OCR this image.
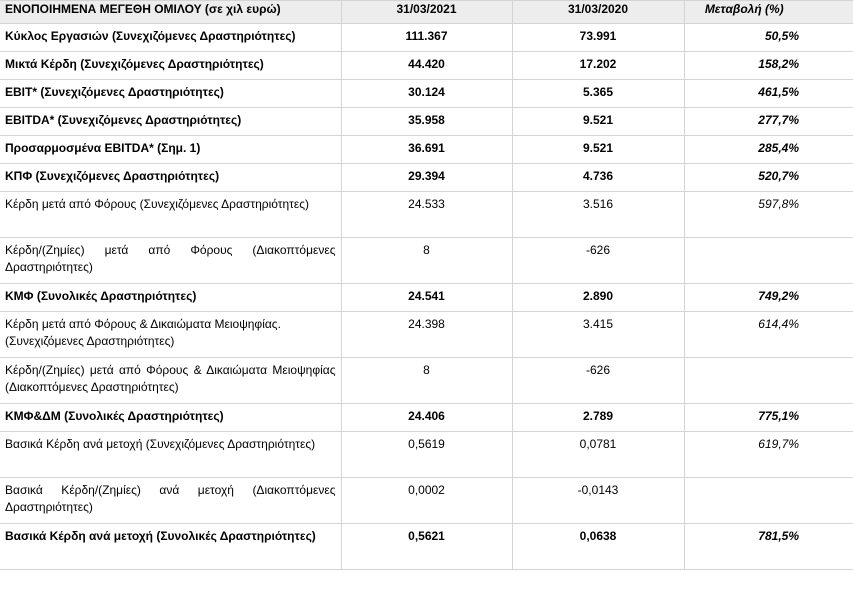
ΕΝΟΠΟΙΗΜΕΝΑ ΜΕΓΕΘΗ ΟΜΙΛΟΥ (σε χιλ ευρώ)	31/03/2021	31/03/2020	Μεταβολή (%)
Κύκλος Εργασιών (Συνεχιζόμενες Δραστηριότητες)	111.367	73.991	50,5%
Μικτά Κέρδη (Συνεχιζόμενες Δραστηριότητες)	44.420	17.202	158,2%
EBIT* (Συνεχιζόμενες Δραστηριότητες)	30.124	5.365	461,5%
EBITDA* (Συνεχιζόμενες Δραστηριότητες)	35.958	9.521	277,7%
Προσαρμοσμένα EBITDA* (Σημ. 1)	36.691	9.521	285,4%
ΚΠΦ (Συνεχιζόμενες Δραστηριότητες)	29.394	4.736	520,7%
Κέρδη μετά από Φόρους (Συνεχιζόμενες Δραστηριότητες)	24.533	3.516	597,8%
Κέρδη/(Ζημίες) μετά από Φόρους (Διακοπτόμενες Δραστηριότητες)	8	-626	
ΚΜΦ (Συνολικές Δραστηριότητες)	24.541	2.890	749,2%
Κέρδη μετά από Φόρους & Δικαιώματα Μειοψηφίας. (Συνεχιζόμενες Δραστηριότητες)	24.398	3.415	614,4%
Κέρδη/(Ζημίες) μετά από Φόρους & Δικαιώματα Μειοψηφίας (Διακοπτόμενες Δραστηριότητες)	8	-626	
ΚΜΦ&ΔΜ (Συνολικές Δραστηριότητες)	24.406	2.789	775,1%
Βασικά Κέρδη ανά μετοχή (Συνεχιζόμενες Δραστηριότητες)	0,5619	0,0781	619,7%
Βασικά Κέρδη/(Ζημίες) ανά μετοχή (Διακοπτόμενες Δραστηριότητες)	0,0002	-0,0143	
Βασικά Κέρδη ανά μετοχή (Συνολικές Δραστηριότητες)	0,5621	0,0638	781,5%
